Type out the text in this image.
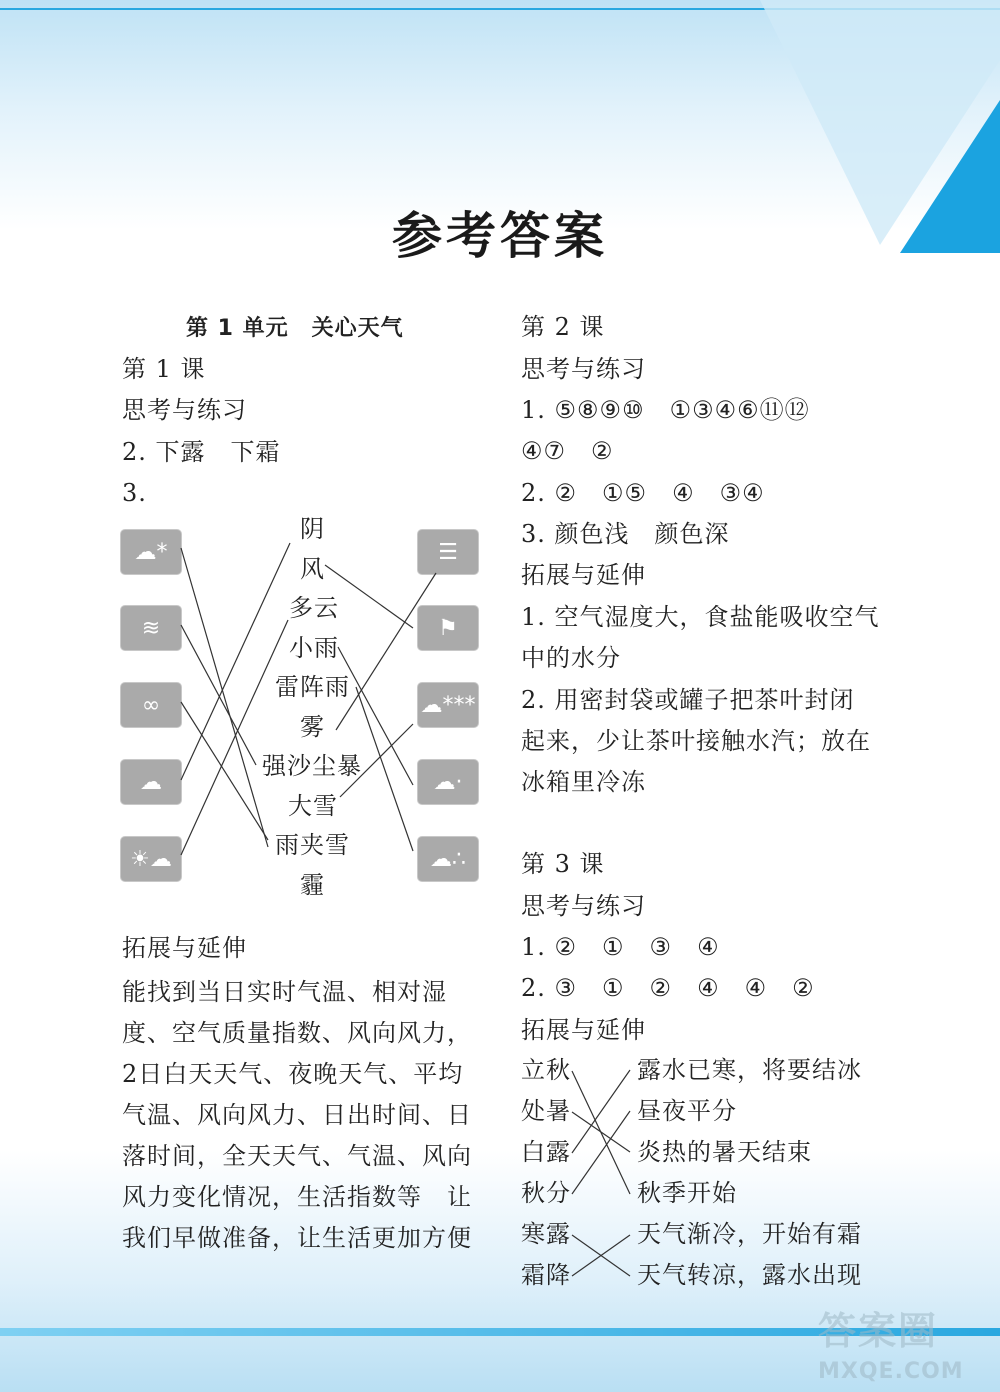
参考答案
第 1 单元　关心天气
第 1 课
思考与练习
2. 下露　下霜
3.
☁*
≋
∞
☁
☀☁
☰
⚑
☁***
☁·
☁∴
阴
风
多云
小雨
雷阵雨
雾
强沙尘暴
大雪
雨夹雪
霾
拓展与延伸
能找到当日实时气温、相对湿度、空气质量指数、风向风力，2日白天天气、夜晚天气、平均气温、风向风力、日出时间、日落时间，全天天气、气温、风向风力变化情况，生活指数等　让我们早做准备，让生活更加方便
第 2 课
思考与练习
1. ⑤⑧⑨⑩　①③④⑥⑪⑫
④⑦　②
2. ②　①⑤　④　③④
3. 颜色浅　颜色深
拓展与延伸
1. 空气湿度大，食盐能吸收空气
中的水分
2. 用密封袋或罐子把茶叶封闭
起来，少让茶叶接触水汽；放在
冰箱里冷冻
第 3 课
思考与练习
1. ②　①　③　④
2. ③　①　②　④　④　②
拓展与延伸
立秋
处暑
白露
秋分
寒露
霜降
露水已寒，将要结冰
昼夜平分
炎热的暑天结束
秋季开始
天气渐冷，开始有霜
天气转凉，露水出现
答案圈
MXQE.COM
